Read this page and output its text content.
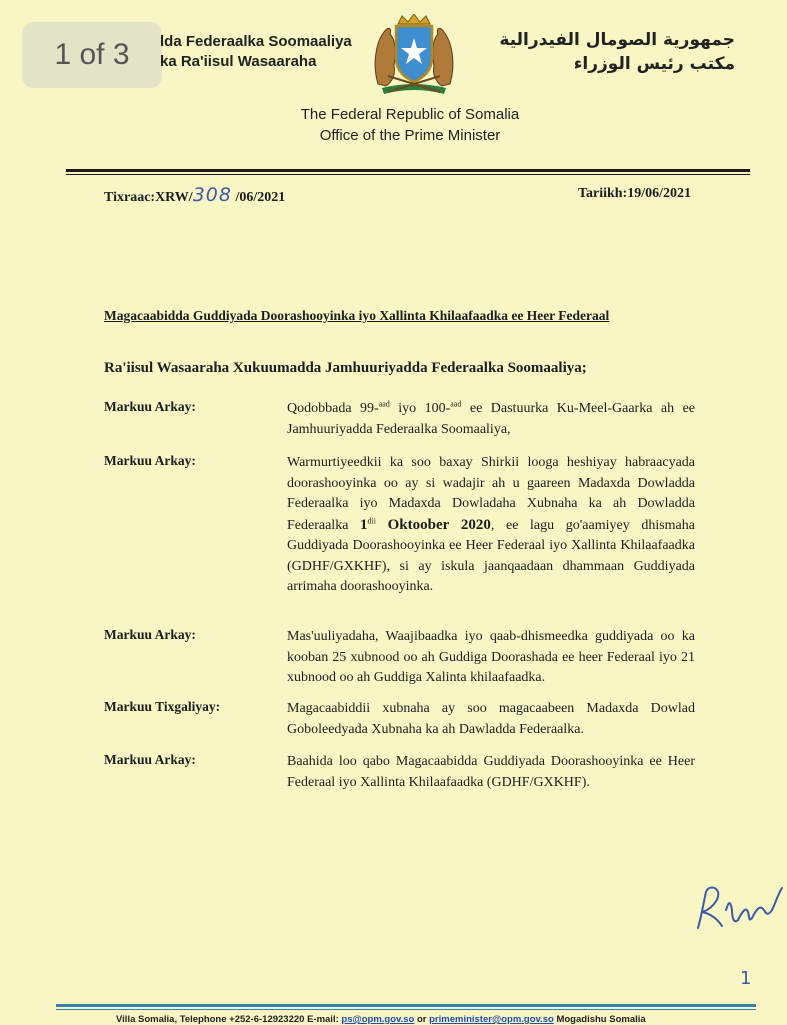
1 of 3 lda Federaalka Soomaaliya
ka Ra'iisul Wasaaraha
جمهورية الصومال الفيدرالية
مكتب رئيس الوزراء
The Federal Republic of Somalia
Office of the Prime Minister
Tixraac:XRW/308 /06/2021	Tariikh:19/06/2021
Magacaabidda Guddiyada Doorashooyinka iyo Xallinta Khilaafaadka ee Heer Federaal
Ra'iisul Wasaaraha Xukuumadda Jamhuuriyadda Federaalka Soomaaliya;
Markuu Arkay:	Qodobbada 99-$^{aad}$ iyo 100-$^{aad}$ ee Dastuurka Ku-Meel-Gaarka ah ee Jamhuuriyadda Federaalka Soomaaliya,
Markuu Arkay:	Warmurtiyeedkii ka soo baxay Shirkii looga heshiyay habraacyada doorashooyinka oo ay si wadajir ah u gaareen Madaxda Dowladda Federaalka iyo Madaxda Dowladaha Xubnaha ka ah Dowladda Federaalka $1^{dii}$ Oktoober 2020, ee lagu go'aamiyey dhismaha Guddiyada Doorashooyinka ee Heer Federaal iyo Xallinta Khilaafaadka (GDHF/GXKHF), si ay iskula jaanqaadaan dhammaan Guddiyada arrimaha doorashooyinka.
Markuu Arkay:	Mas'uuliyadaha, Waajibaadka iyo qaab-dhismeedka guddiyada oo ka kooban 25 xubnood oo ah Guddiga Doorashada ee heer Federaal iyo 21 xubnood oo ah Guddiga Xalinta khilaafaadka.
Markuu Tixgaliyay:	Magacaabiddii xubnaha ay soo magacaabeen Madaxda Dowlad Goboleedyada Xubnaha ka ah Dawladda Federaalka.
Markuu Arkay:	Baahida loo qabo Magacaabidda Guddiyada Doorashooyinka ee Heer Federaal iyo Xallinta Khilaafaadka (GDHF/GXKHF).
1
Villa Somalia, Telephone +252-6-12923220 E-mail: ps@opm.gov.so or primeminister@opm.gov.so Mogadishu Somalia
